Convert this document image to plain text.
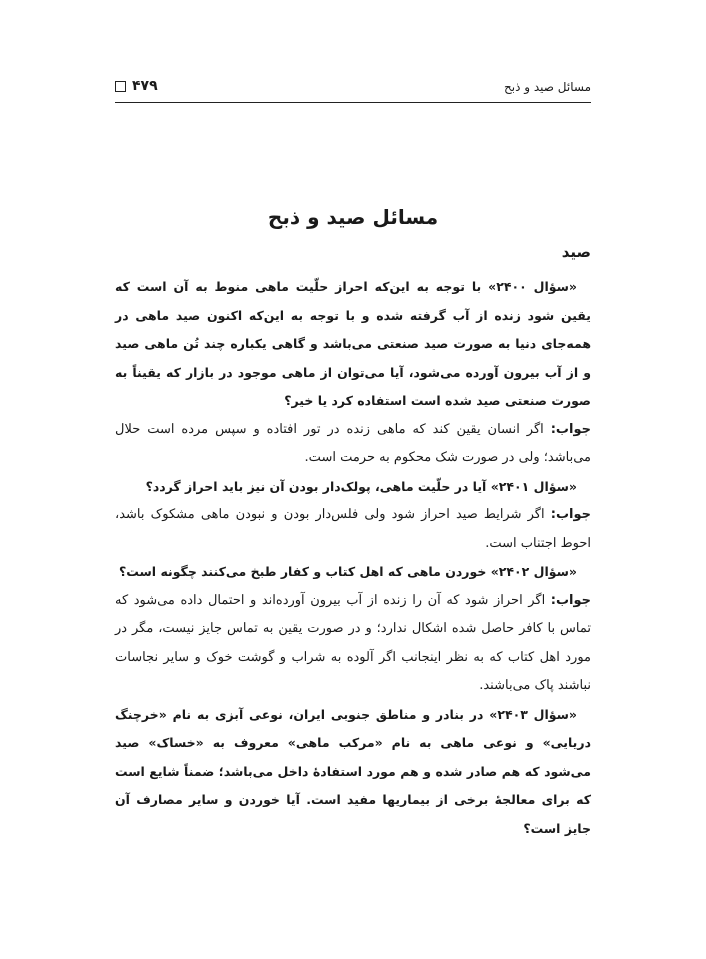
۴۷۹	مسائل صید و ذبح
مسائل صید و ذبح
صید

«سؤال ۲۴۰۰» با توجه به این‌که احراز حلّیت ماهی منوط به آن است که یقین شود زنده از آب گرفته شده و با توجه به این‌که اکنون صید ماهی در همه‌جای دنیا به صورت صید صنعتی می‌باشد و گاهی یکباره چند تُن ماهی صید و از آب بیرون آورده می‌شود، آیا می‌توان از ماهی موجود در بازار که یقیناً به صورت صنعتی صید شده است استفاده کرد یا خیر؟

جواب: اگر انسان یقین کند که ماهی زنده در تور افتاده و سپس مرده است حلال می‌باشد؛ ولی در صورت شک محکوم به حرمت است.

«سؤال ۲۴۰۱» آیا در حلّیت ماهی، پولک‌دار بودن آن نیز باید احراز گردد؟

جواب: اگر شرایط صید احراز شود ولی فلس‌دار بودن و نبودن ماهی مشکوک باشد، احوط اجتناب است.

«سؤال ۲۴۰۲» خوردن ماهی که اهل کتاب و کفار طبخ می‌کنند چگونه است؟

جواب: اگر احراز شود که آن را زنده از آب بیرون آورده‌اند و احتمال داده می‌شود که تماس با کافر حاصل شده اشکال ندارد؛ و در صورت یقین به تماس جایز نیست، مگر در مورد اهل کتاب که به نظر اینجانب اگر آلوده به شراب و گوشت خوک و سایر نجاسات نباشند پاک می‌باشند.

«سؤال ۲۴۰۳» در بنادر و مناطق جنوبی ایران، نوعی آبزی به نام «خرچنگ دریایی» و نوعی ماهی به نام «مرکب ماهی» معروف به «خساک» صید می‌شود که هم صادر شده و هم مورد استفادهٔ داخل می‌باشد؛ ضمناً شایع است که برای معالجهٔ برخی از بیماریها مفید است. آیا خوردن و سایر مصارف آن جایز است؟
